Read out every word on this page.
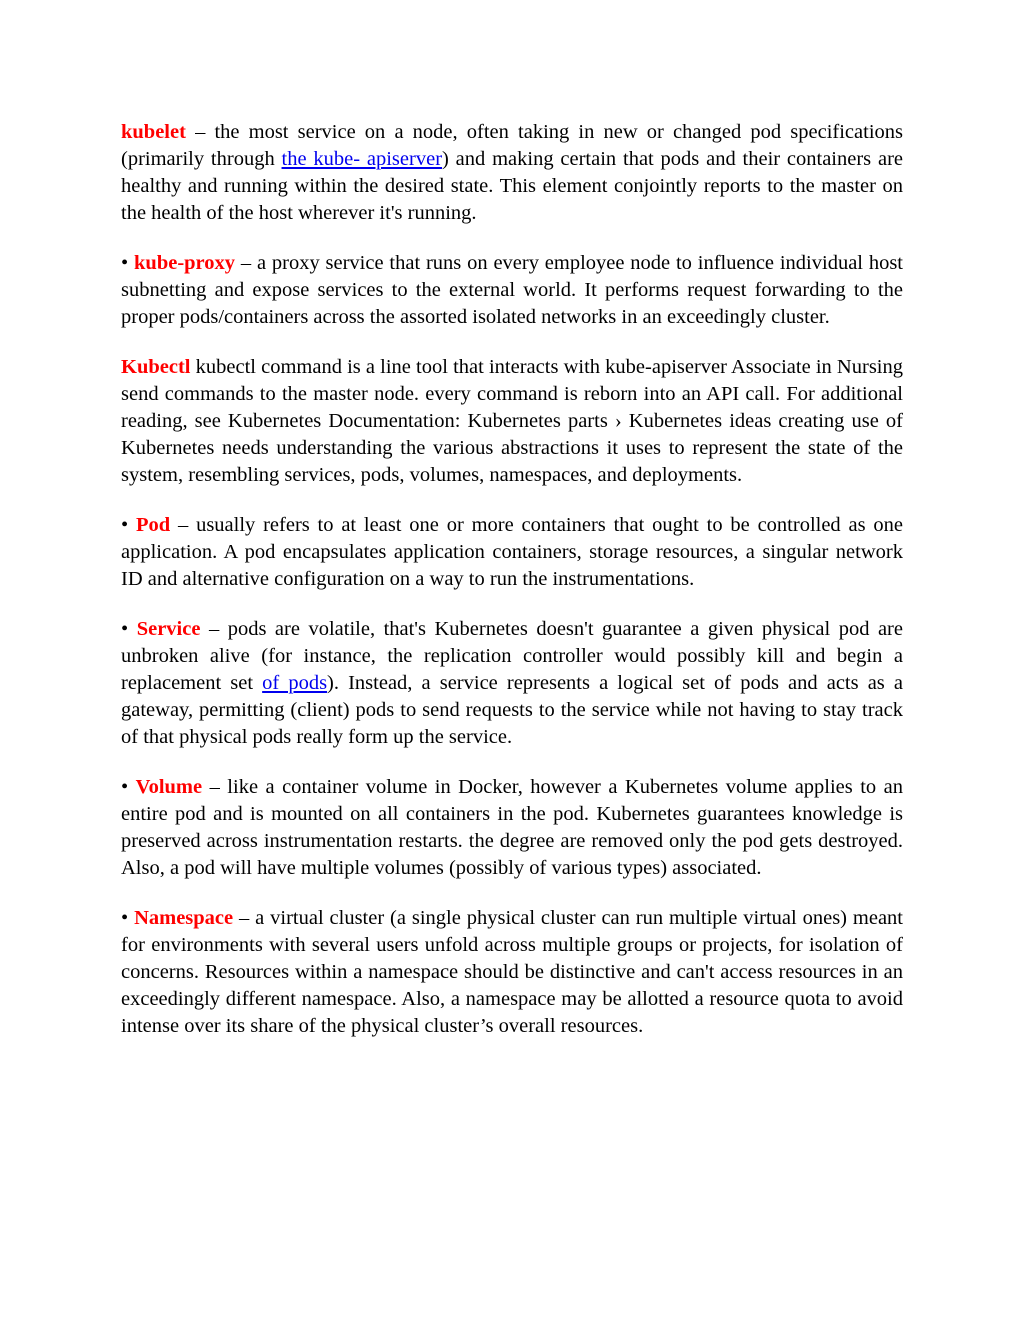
kubelet – the most service on a node, often taking in new or changed pod specifications (primarily through the kube- apiserver) and making certain that pods and their containers are healthy and running within the desired state. This element conjointly reports to the master on the health of the host wherever it's running.

• kube-proxy – a proxy service that runs on every employee node to influence individual host subnetting and expose services to the external world. It performs request forwarding to the proper pods/containers across the assorted isolated networks in an exceedingly cluster.

Kubectl kubectl command is a line tool that interacts with kube-apiserver Associate in Nursing send commands to the master node. every command is reborn into an API call. For additional reading, see Kubernetes Documentation: Kubernetes parts › Kubernetes ideas creating use of Kubernetes needs understanding the various abstractions it uses to represent the state of the system, resembling services, pods, volumes, namespaces, and deployments.

• Pod – usually refers to at least one or more containers that ought to be controlled as one application. A pod encapsulates application containers, storage resources, a singular network ID and alternative configuration on a way to run the instrumentations.

• Service – pods are volatile, that's Kubernetes doesn't guarantee a given physical pod are unbroken alive (for instance, the replication controller would possibly kill and begin a replacement set of pods). Instead, a service represents a logical set of pods and acts as a gateway, permitting (client) pods to send requests to the service while not having to stay track of that physical pods really form up the service.

• Volume – like a container volume in Docker, however a Kubernetes volume applies to an entire pod and is mounted on all containers in the pod. Kubernetes guarantees knowledge is preserved across instrumentation restarts. the degree are removed only the pod gets destroyed. Also, a pod will have multiple volumes (possibly of various types) associated.

• Namespace – a virtual cluster (a single physical cluster can run multiple virtual ones) meant for environments with several users unfold across multiple groups or projects, for isolation of concerns. Resources within a namespace should be distinctive and can't access resources in an exceedingly different namespace. Also, a namespace may be allotted a resource quota to avoid intense over its share of the physical cluster’s overall resources.
